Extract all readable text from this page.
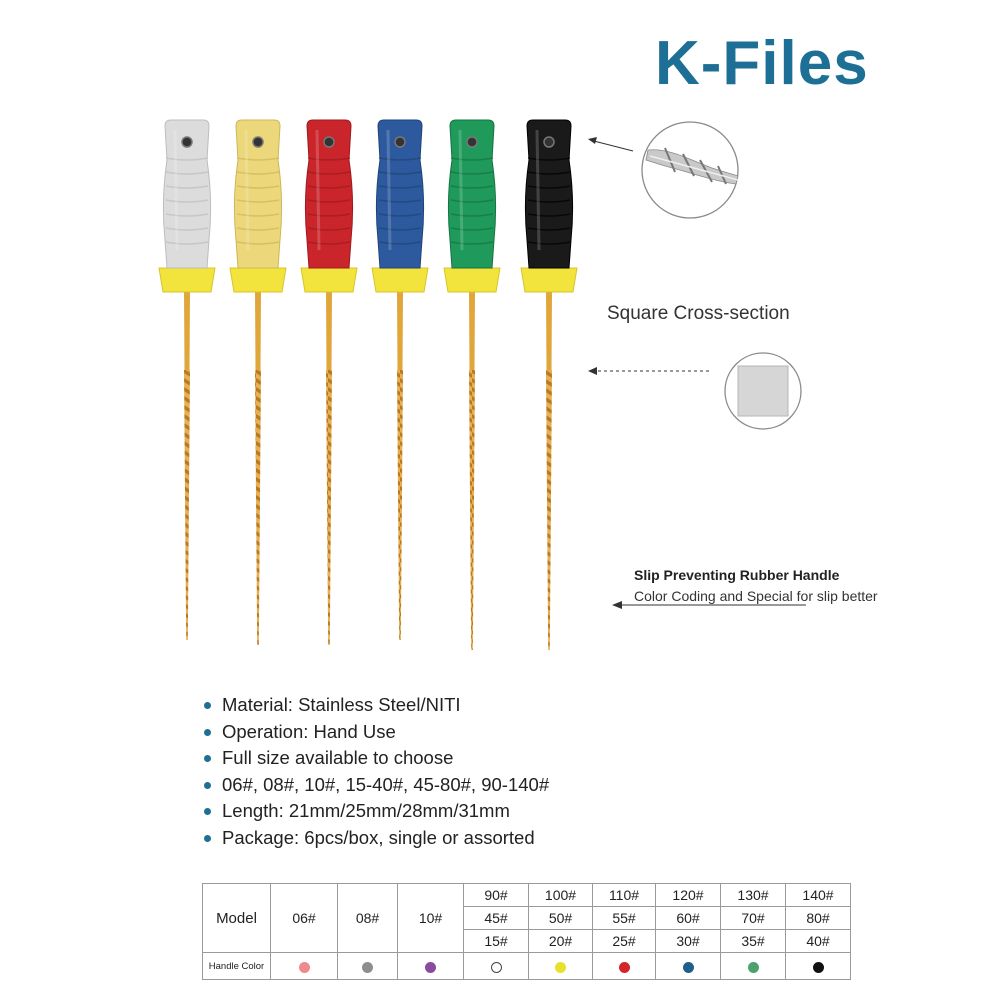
K-Files
Square Cross-section
Slip Preventing Rubber Handle
Color Coding and Special for slip better
Material: Stainless Steel/NITI
Operation: Hand Use
Full size available to choose
06#, 08#, 10#, 15-40#, 45-80#, 90-140#
Length: 21mm/25mm/28mm/31mm
Package: 6pcs/box, single or assorted
Model	06#	08#	10#	90#	100#	110#	120#	130#	140#
				45#	50#	55#	60#	70#	80#
				15#	20#	25#	30#	35#	40#
Handle Color									
